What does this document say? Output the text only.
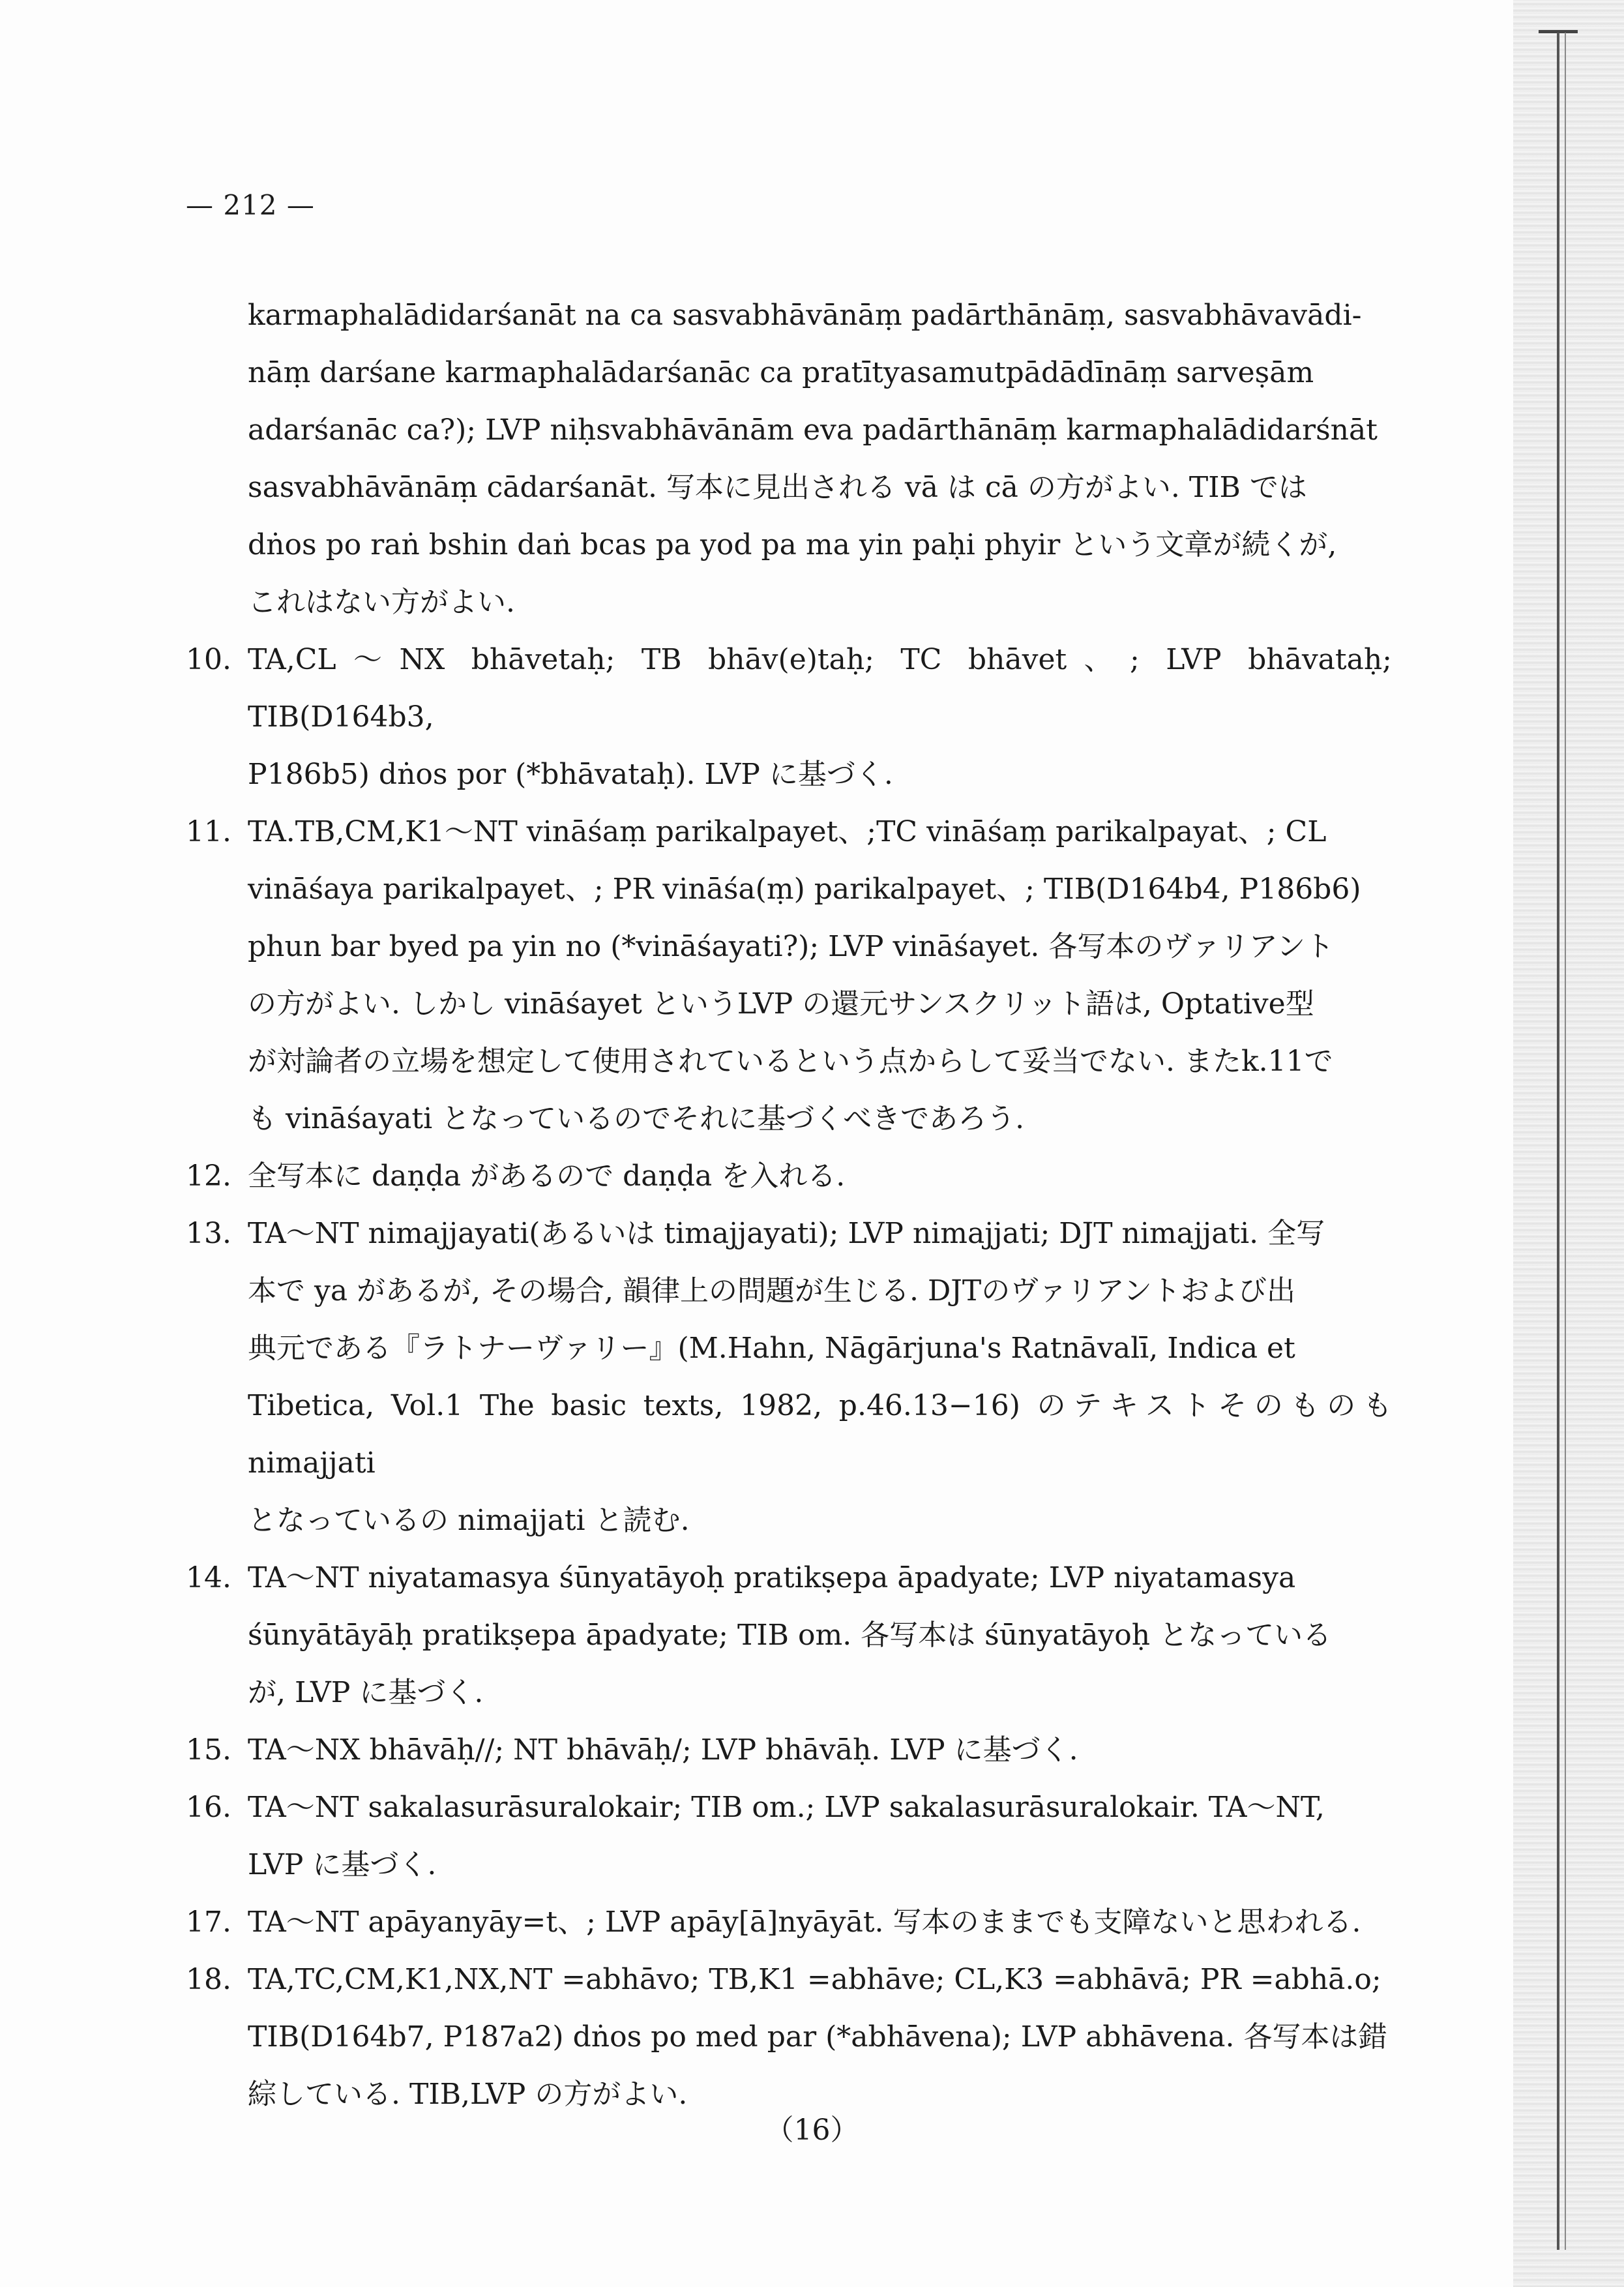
— 212 —
karmaphalādidarśanāt na ca sasvabhāvānāṃ padārthānāṃ, sasvabhāvavādi-
nāṃ darśane karmaphalādarśanāc ca pratītyasamutpādādīnāṃ sarveṣām
adarśanāc ca?); LVP niḥsvabhāvānām eva padārthānāṃ karmaphalādidarśnāt
sasvabhāvānāṃ cādarśanāt. 写本に見出される vā は cā の方がよい. TIB では
dṅos po raṅ bshin daṅ bcas pa yod pa ma yin paḥi phyir という文章が続くが,
これはない方がよい.
10. TA,CL〜NX bhāvetaḥ; TB bhāv(e)taḥ; TC bhāvet、; LVP bhāvataḥ; TIB(D164b3,
P186b5) dṅos por (*bhāvataḥ). LVP に基づく.
11. TA.TB,CM,K1〜NT vināśaṃ parikalpayet、;TC vināśaṃ parikalpayat、; CL
vināśaya parikalpayet、; PR vināśa(ṃ) parikalpayet、; TIB(D164b4, P186b6)
phun bar byed pa yin no (*vināśayati?); LVP vināśayet. 各写本のヴァリアント
の方がよい. しかし vināśayet というLVP の還元サンスクリット語は, Optative型
が対論者の立場を想定して使用されているという点からして妥当でない. またk.11で
も vināśayati となっているのでそれに基づくべきであろう.
12. 全写本に daṇḍa があるので daṇḍa を入れる.
13. TA〜NT nimajjayati(あるいは timajjayati); LVP nimajjati; DJT nimajjati. 全写
本で ya があるが, その場合, 韻律上の問題が生じる. DJTのヴァリアントおよび出
典元である『ラトナーヴァリー』(M.Hahn, Nāgārjuna's Ratnāvalī, Indica et
Tibetica, Vol.1 The basic texts, 1982, p.46.13−16) のテキストそのものも nimajjati
となっているの nimajjati と読む.
14. TA〜NT niyatamasya śūnyatāyoḥ pratikṣepa āpadyate; LVP niyatamasya
śūnyātāyāḥ pratikṣepa āpadyate; TIB om. 各写本は śūnyatāyoḥ となっている
が, LVP に基づく.
15. TA〜NX bhāvāḥ//; NT bhāvāḥ/; LVP bhāvāḥ. LVP に基づく.
16. TA〜NT sakalasurāsuralokair; TIB om.; LVP sakalasurāsuralokair. TA〜NT,
LVP に基づく.
17. TA〜NT apāyanyāy=t、; LVP apāy[ā]nyāyāt. 写本のままでも支障ないと思われる.
18. TA,TC,CM,K1,NX,NT =abhāvo; TB,K1 =abhāve; CL,K3 =abhāvā; PR =abhā.o;
TIB(D164b7, P187a2) dṅos po med par (*abhāvena); LVP abhāvena. 各写本は錯
綜している. TIB,LVP の方がよい.
（16）
